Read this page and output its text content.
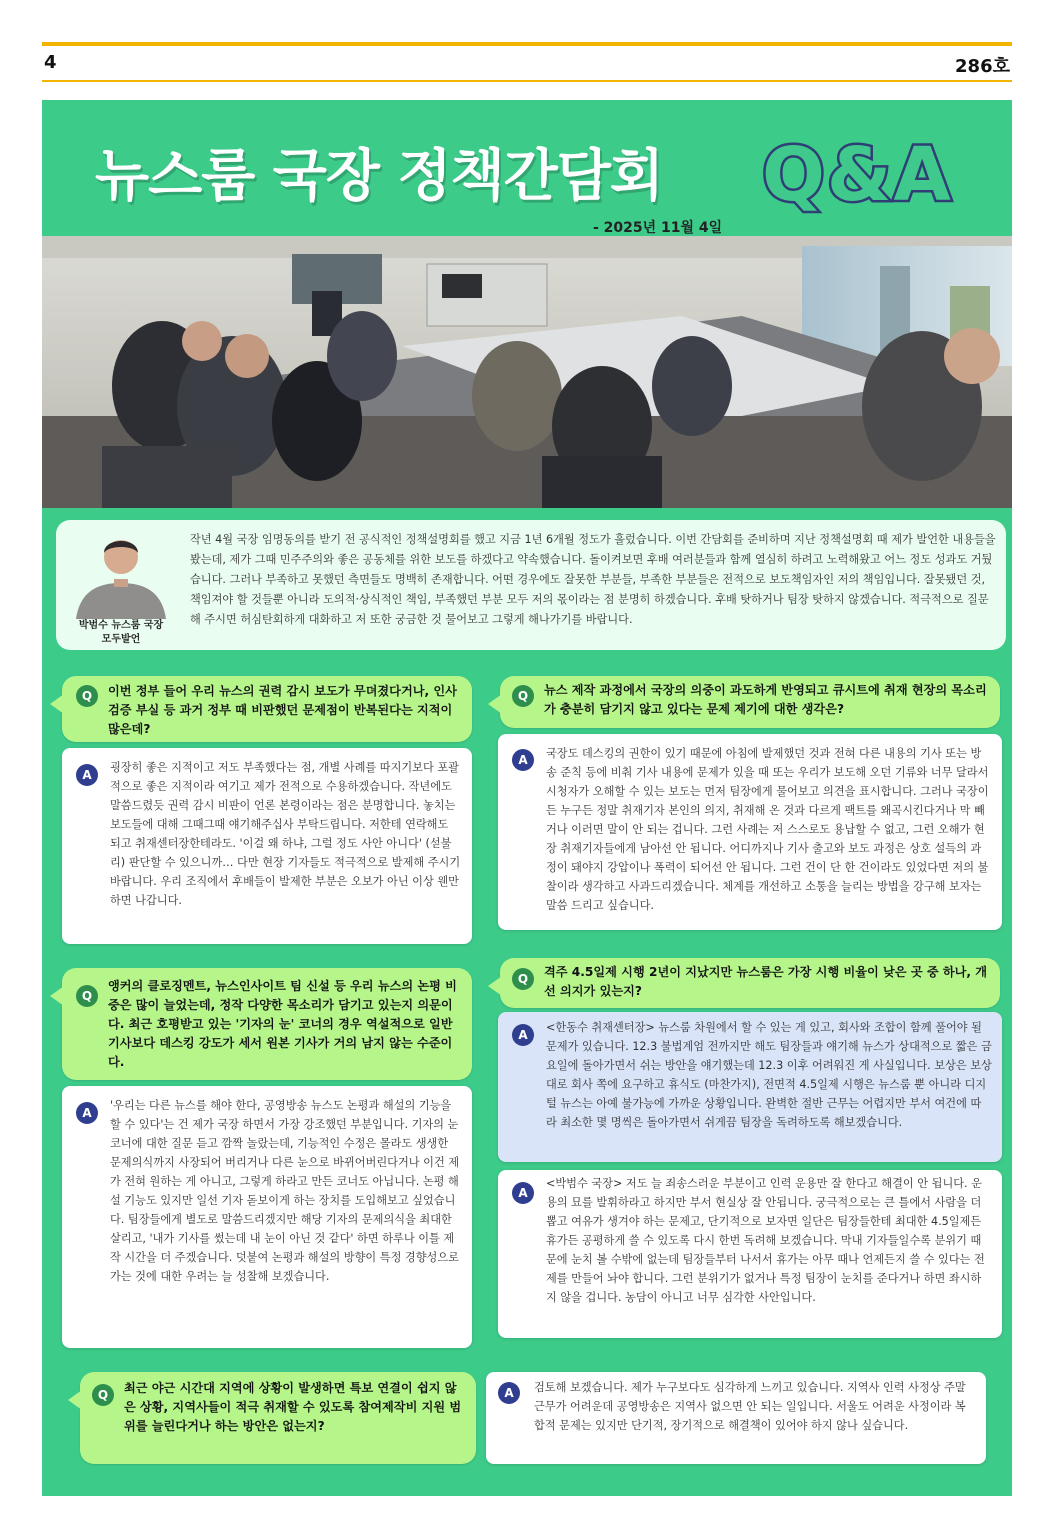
4	286호
뉴스룸 국장 정책간담회 Q&A
- 2025년 11월 4일
박범수 뉴스룸 국장
모두발언
작년 4월 국장 임명동의를 받기 전 공식적인 정책설명회를 했고 지금 1년 6개월 정도가 흘렀습니다. 이번 간담회를 준비하며 지난 정책설명회 때 제가 발언한 내용들을 봤는데, 제가 그때 민주주의와 좋은 공동체를 위한 보도를 하겠다고 약속했습니다. 돌이켜보면 후배 여러분들과 함께 열심히 하려고 노력해왔고 어느 정도 성과도 거뒀습니다. 그러나 부족하고 못했던 측면들도 명백히 존재합니다. 어떤 경우에도 잘못한 부분들, 부족한 부분들은 전적으로 보도책임자인 저의 책임입니다. 잘못됐던 것, 책임져야 할 것들뿐 아니라 도의적·상식적인 책임, 부족했던 부분 모두 저의 몫이라는 점 분명히 하겠습니다. 후배 탓하거나 팀장 탓하지 않겠습니다. 적극적으로 질문해 주시면 허심탄회하게 대화하고 저 또한 궁금한 것 물어보고 그렇게 해나가기를 바랍니다.
Q	이번 정부 들어 우리 뉴스의 권력 감시 보도가 무뎌졌다거나, 인사검증 부실 등 과거 정부 때 비판했던 문제점이 반복된다는 지적이 많은데?
A
굉장히 좋은 지적이고 저도 부족했다는 점, 개별 사례를 따지기보다 포괄적으로 좋은 지적이라 여기고 제가 전적으로 수용하겠습니다. 작년에도 말씀드렸듯 권력 감시 비판이 언론 본령이라는 점은 분명합니다. 놓치는 보도들에 대해 그때그때 얘기해주십사 부탁드립니다. 저한테 연락해도 되고 취재센터장한테라도. '이걸 왜 하냐, 그럴 정도 사안 아니다' (섣불리) 판단할 수 있으니까… 다만 현장 기자들도 적극적으로 발제해 주시기 바랍니다. 우리 조직에서 후배들이 발제한 부분은 오보가 아닌 이상 웬만하면 나갑니다.
Q
앵커의 클로징멘트, 뉴스인사이트 팀 신설 등 우리 뉴스의 논평 비중은 많이 늘었는데, 정작 다양한 목소리가 담기고 있는지 의문이다. 최근 호평받고 있는 '기자의 눈' 코너의 경우 역설적으로 일반 기사보다 데스킹 강도가 세서 원본 기사가 거의 남지 않는 수준이다.
A
'우리는 다른 뉴스를 해야 한다, 공영방송 뉴스도 논평과 해설의 기능을 할 수 있다'는 건 제가 국장 하면서 가장 강조했던 부분입니다. 기자의 눈 코너에 대한 질문 듣고 깜짝 놀랐는데, 기능적인 수정은 몰라도 생생한 문제의식까지 사장되어 버리거나 다른 눈으로 바뀌어버린다거나 이건 제가 전혀 원하는 게 아니고, 그렇게 하라고 만든 코너도 아닙니다. 논평 해설 기능도 있지만 일선 기자 돋보이게 하는 장치를 도입해보고 싶었습니다. 팀장들에게 별도로 말씀드리겠지만 해당 기자의 문제의식을 최대한 살리고, '내가 기사를 썼는데 내 눈이 아닌 것 같다' 하면 하루나 이틀 제작 시간을 더 주겠습니다. 덧붙여 논평과 해설의 방향이 특정 경향성으로 가는 것에 대한 우려는 늘 성찰해 보겠습니다.
Q	뉴스 제작 과정에서 국장의 의중이 과도하게 반영되고 큐시트에 취재 현장의 목소리가 충분히 담기지 않고 있다는 문제 제기에 대한 생각은?
A	국장도 데스킹의 권한이 있기 때문에 아침에 발제했던 것과 전혀 다른 내용의 기사 또는 방송 준칙 등에 비춰 기사 내용에 문제가 있을 때 또는 우리가 보도해 오던 기류와 너무 달라서 시청자가 오해할 수 있는 보도는 먼저 팀장에게 물어보고 의견을 표시합니다. 그러나 국장이든 누구든 정말 취재기자 본인의 의지, 취재해 온 것과 다르게 팩트를 왜곡시킨다거나 막 빼거나 이러면 말이 안 되는 겁니다. 그런 사례는 저 스스로도 용납할 수 없고, 그런 오해가 현장 취재기자들에게 남아선 안 됩니다. 어디까지나 기사 출고와 보도 과정은 상호 설득의 과정이 돼야지 강압이나 폭력이 되어선 안 됩니다. 그런 건이 단 한 건이라도 있었다면 저의 불찰이라 생각하고 사과드리겠습니다. 체계를 개선하고 소통을 늘리는 방법을 강구해 보자는 말씀 드리고 싶습니다.
Q	격주 4.5일제 시행 2년이 지났지만 뉴스룸은 가장 시행 비율이 낮은 곳 중 하나, 개선 의지가 있는지?
A
<한동수 취재센터장> 뉴스룸 차원에서 할 수 있는 게 있고, 회사와 조합이 함께 풀어야 될 문제가 있습니다. 12.3 불법계엄 전까지만 해도 팀장들과 얘기해 뉴스가 상대적으로 짧은 금요일에 돌아가면서 쉬는 방안을 얘기했는데 12.3 이후 어려워진 게 사실입니다. 보상은 보상대로 회사 쪽에 요구하고 휴식도 (마찬가지), 전면적 4.5일제 시행은 뉴스룸 뿐 아니라 디지털 뉴스는 아예 불가능에 가까운 상황입니다. 완벽한 절반 근무는 어렵지만 부서 여건에 따라 최소한 몇 명씩은 돌아가면서 쉬게끔 팀장을 독려하도록 해보겠습니다.
A
<박범수 국장> 저도 늘 죄송스러운 부분이고 인력 운용만 잘 한다고 해결이 안 됩니다. 운용의 묘를 발휘하라고 하지만 부서 현실상 잘 안됩니다. 궁극적으로는 큰 틀에서 사람을 더 뽑고 여유가 생겨야 하는 문제고, 단기적으로 보자면 일단은 팀장들한테 최대한 4.5일제든 휴가든 공평하게 쓸 수 있도록 다시 한번 독려해 보겠습니다. 막내 기자들일수록 분위기 때문에 눈치 볼 수밖에 없는데 팀장들부터 나서서 휴가는 아무 때나 언제든지 쓸 수 있다는 전제를 만들어 놔야 합니다. 그런 분위기가 없거나 특정 팀장이 눈치를 준다거나 하면 좌시하지 않을 겁니다. 농담이 아니고 너무 심각한 사안입니다.
Q	최근 야근 시간대 지역에 상황이 발생하면 특보 연결이 쉽지 않은 상황, 지역사들이 적극 취재할 수 있도록 참여제작비 지원 범위를 늘린다거나 하는 방안은 없는지?
A	검토해 보겠습니다. 제가 누구보다도 심각하게 느끼고 있습니다. 지역사 인력 사정상 주말 근무가 어려운데 공영방송은 지역사 없으면 안 되는 일입니다. 서울도 어려운 사정이라 복합적 문제는 있지만 단기적, 장기적으로 해결책이 있어야 하지 않나 싶습니다.
